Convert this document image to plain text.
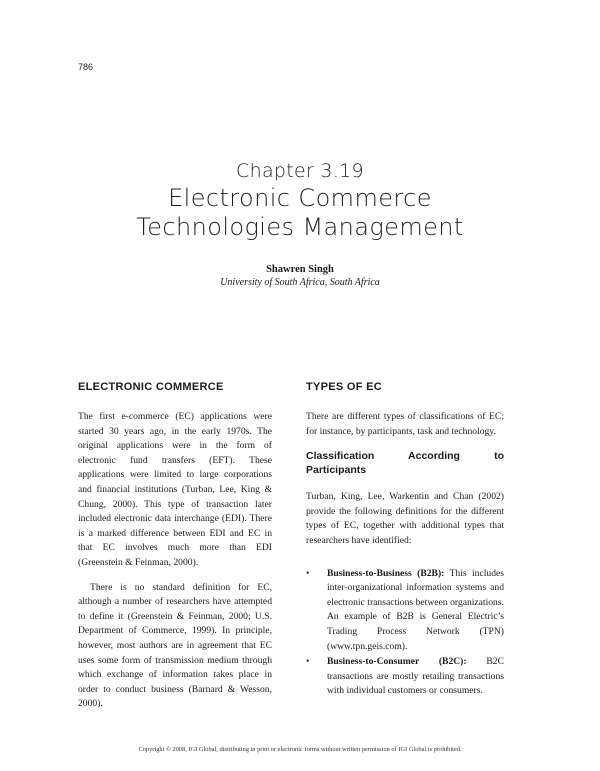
786
Chapter 3.19
Electronic Commerce
Technologies Management
Shawren Singh
University of South Africa, South Africa
ELECTRONIC COMMERCE

The first e-commerce (EC) applications were started 30 years ago, in the early 1970s. The original applications were in the form of electronic fund transfers (EFT). These applications were limited to large corporations and financial institutions (Turban, Lee, King & Chung, 2000). This type of transaction later included electronic data interchange (EDI). There is a marked difference between EDI and EC in that EC involves much more than EDI (Greenstein & Feinman, 2000).

There is no standard definition for EC, although a number of researchers have attempted to define it (Greenstein & Feinman, 2000; U.S. Department of Commerce, 1999). In principle, however, most authors are in agreement that EC uses some form of transmission medium through which exchange of information takes place in order to conduct business (Barnard & Wesson, 2000).

TYPES OF EC

There are different types of classifications of EC; for instance, by participants, task and technology.

Classification According to Participants

Turban, King, Lee, Warkentin and Chan (2002) provide the following definitions for the different types of EC, together with additional types that researchers have identified:

• Business-to-Business (B2B): This includes inter-organizational information systems and electronic transactions between organizations. An example of B2B is General Electric’s Trading Process Network (TPN) (www.tpn.geis.com).
• Business-to-Consumer (B2C): B2C transactions are mostly retailing transactions with individual customers or consumers.
Copyright © 2008, IGI Global, distributing in print or electronic forms without written permission of IGI Global is prohibited.
